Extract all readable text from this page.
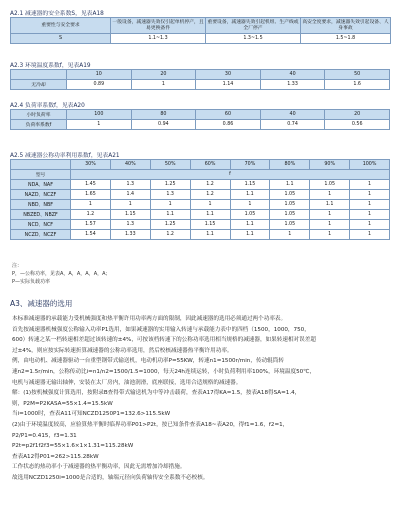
A2.1 减速器的安全系数S，见表A18
重要性与安全要求	一般设备，减速器失效仅引起单机停产，且易更换备件	重要设备，减速器失效引起机组、生产线或全厂停产	高安全度要求，减速器失效引起设备、人身事故
S	1.1~1.3	1.3~1.5	1.5~1.8
A2.3 环境温度系数f，见表A19
	10	20	30	40	50
无冷却	0.89	1	1.14	1.33	1.6
A2.4 负荷率系数f，见表A20
小时负荷率	100	80	60	40	20
负荷率系数f	1	0.94	0.86	0.74	0.56
A2.5 减速器公称功率利用系数f，见表A21
	30%	40%	50%	60%	70%	80%	90%	100%
型号	f							
NDA、NAF	1.45	1.3	1.25	1.2	1.15	1.1	1.05	1
NAZD、NCZF	1.65	1.4	1.3	1.2	1.1	1.05	1	1
NBD、NBF	1	1	1	1	1	1.05	1.1	1
NBZED、NBZF	1.2	1.15	1.1	1.1	1.05	1.05	1	1
NCD、NCF	1.57	1.3	1.25	1.15	1.1	1.05	1	1
NCZD、NCZF	1.54	1.33	1.2	1.1	1.1	1	1	1
注：
P，—公称功率，见表A，A，A，A，A，A；
P—实际负载功率
A3、减速器的选用
本标准减速器的承载能力受机械强度和热平衡许用功率两方面的限制，因此减速器的选用必须通过两个功率表。
首先按减速器机械强度公称输入功率P1选用，如果减速器的实用输入转速与承载能力表中的四档（1500，1000，750，
600）转速之某一档转速相差超过该转速的±4%，可按该档转速下的公称功率选用相当规格的减速器，如果转速相对误差超
过±4%，则应按实际转速折算减速器的公称功率选用，然后校核减速器热平衡许用功率。
例，由电动机、减速器驱动一台重型钢带式输送机，电动机功率P=55KW，转速n1=1500r/min，传动辊筒转
速n2=1.5r/min，公称传动比i=n1/n2=1500/1.5=1000，每天24h连续运转，小时负荷利用率100%，环境温度50℃，
电机与减速器无输出轴伸，安装在太厂房内，油池润滑，底座联接，选用合适规格的减速器。
解：(1)按机械强度计算选用，按附录B查得带式输送机为中等冲击载荷，查表A17得KA=1.5，按表A18得SA=1.4，
则，P2M=P2KASA=55×1.4=15.5kW
当i=1000时，查表A11可知NCZD1250P1=132.6>115.5kW
(2)由于环境温度较高，应验算热平衡时临界功率P01>P2t，按已知条件查表A18~表A20，得f1=1.6，f2=1，
P2/P1=0.415，f3=1.31
P2t=p2f1f2f3=55×1.6×1×1.31=115.28kW
查表A12得P01=262>115.28kW
工作状态的热功率小于减速器的热平衡功率，因此无需增加冷却措施。
故选用NCZD1250i=1000是合适的，轴端元径向负荷轴传安全系数不必校核。
